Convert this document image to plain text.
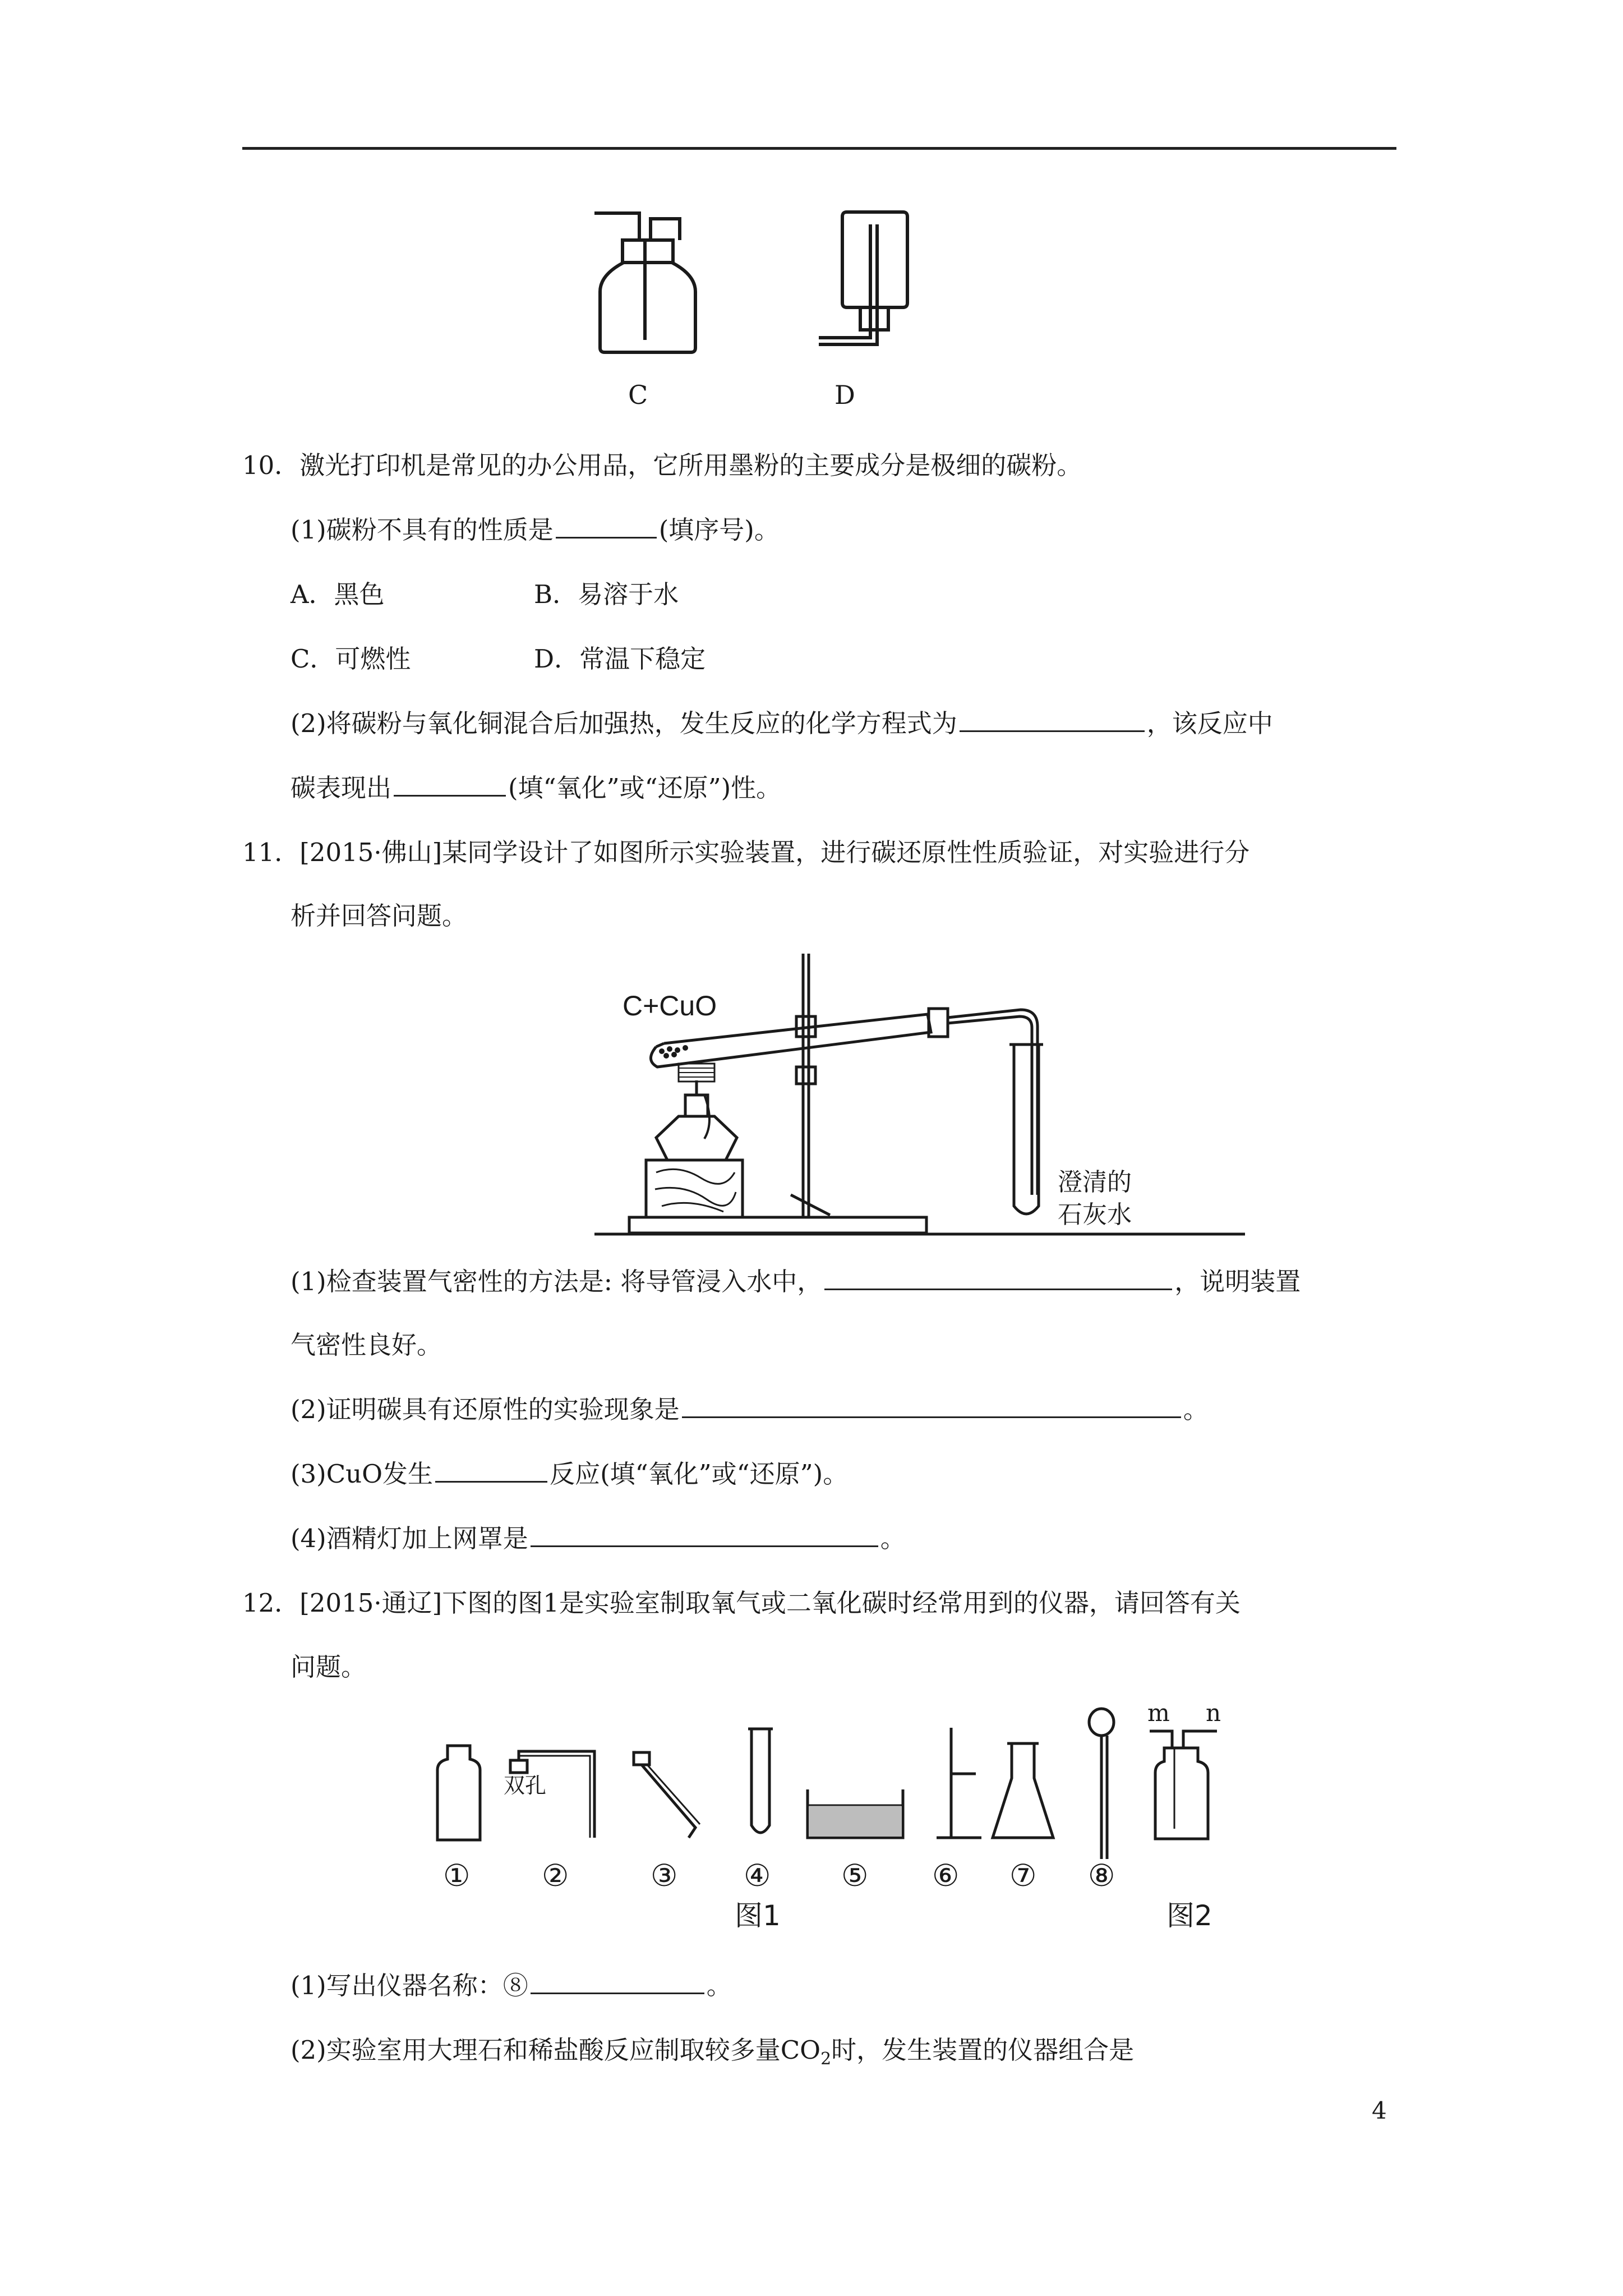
C	D
10．激光打印机是常见的办公用品，它所用墨粉的主要成分是极细的碳粉。
(1)碳粉不具有的性质是	(填序号)。
A．黑色	B．易溶于水
C．可燃性	D．常温下稳定
(2)将碳粉与氧化铜混合后加强热，发生反应的化学方程式为	，该反应中
碳表现出	(填“氧化”或“还原”)性。
11．[2015·佛山]某同学设计了如图所示实验装置，进行碳还原性性质验证，对实验进行分
析并回答问题。
C+CuO
澄清的
石灰水
(1)检查装置气密性的方法是: 将导管浸入水中，	，说明装置
气密性良好。
(2)证明碳具有还原性的实验现象是	。
(3)CuO发生	反应(填“氧化”或“还原”)。
(4)酒精灯加上网罩是	。
12．[2015·通辽]下图的图1是实验室制取氧气或二氧化碳时经常用到的仪器，请回答有关
问题。
双孔
m n
① ②	③ ④ ⑤ ⑥ ⑦ ⑧
图1	图2
(1)写出仪器名称：⑧	。
(2)实验室用大理石和稀盐酸反应制取较多量$CO_2$时，发生装置的仪器组合是
4
